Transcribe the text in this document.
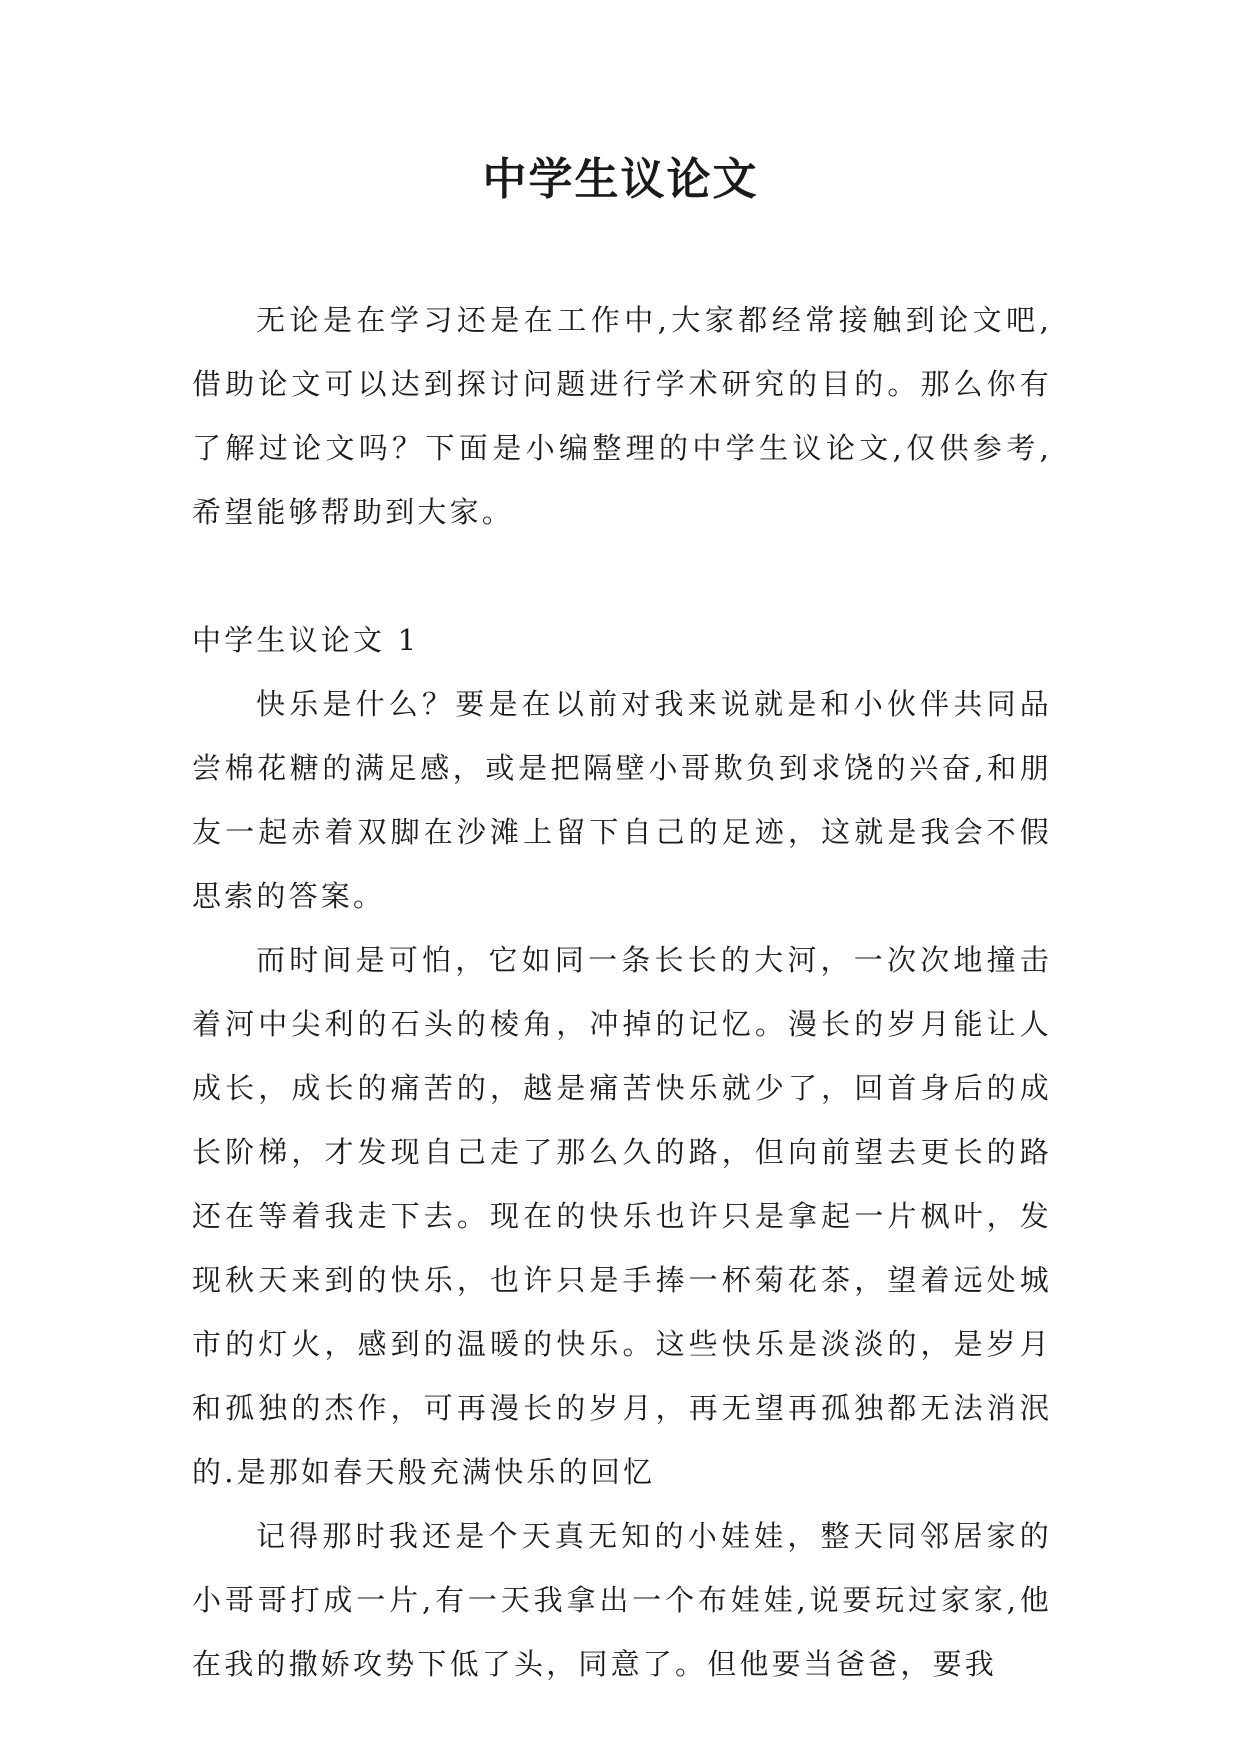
中学生议论文

无论是在学习还是在工作中,大家都经常接触到论文吧,借助论文可以达到探讨问题进行学术研究的目的。那么你有了解过论文吗？下面是小编整理的中学生议论文,仅供参考,希望能够帮助到大家。

中学生议论文 1

快乐是什么？要是在以前对我来说就是和小伙伴共同品尝棉花糖的满足感，或是把隔壁小哥欺负到求饶的兴奋,和朋友一起赤着双脚在沙滩上留下自己的足迹，这就是我会不假思索的答案。

而时间是可怕，它如同一条长长的大河，一次次地撞击着河中尖利的石头的棱角，冲掉的记忆。漫长的岁月能让人成长，成长的痛苦的，越是痛苦快乐就少了，回首身后的成长阶梯，才发现自己走了那么久的路，但向前望去更长的路还在等着我走下去。现在的快乐也许只是拿起一片枫叶，发现秋天来到的快乐，也许只是手捧一杯菊花茶，望着远处城市的灯火，感到的温暖的快乐。这些快乐是淡淡的，是岁月和孤独的杰作，可再漫长的岁月，再无望再孤独都无法消泯的.是那如春天般充满快乐的回忆

记得那时我还是个天真无知的小娃娃，整天同邻居家的小哥哥打成一片,有一天我拿出一个布娃娃,说要玩过家家,他在我的撒娇攻势下低了头，同意了。但他要当爸爸，要我
